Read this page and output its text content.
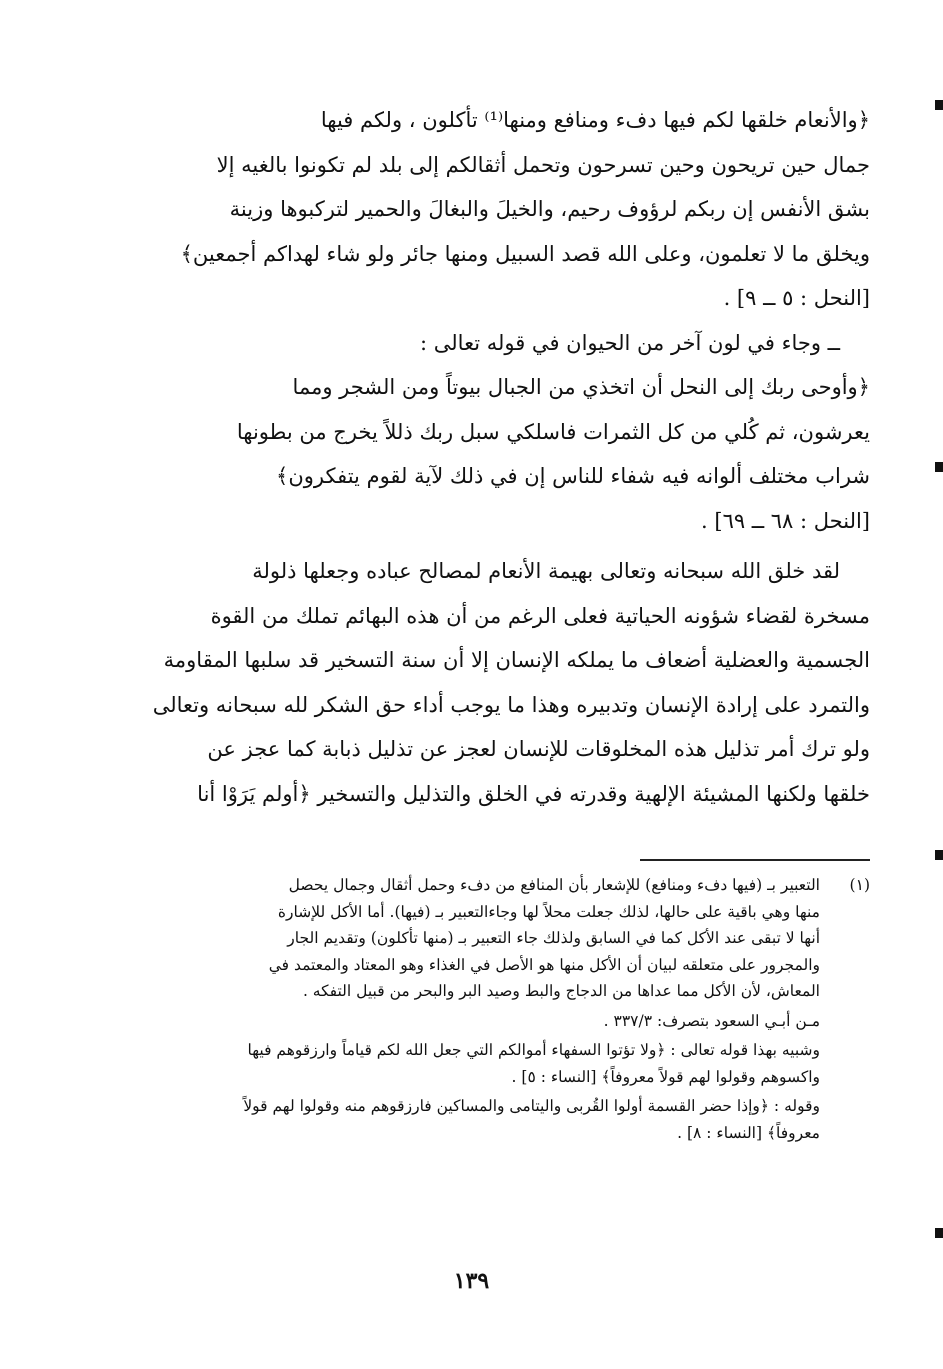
﴿والأنعام خلقها لكم فيها دفء ومنافع ومنها⁽¹⁾ تأكلون ، ولكم فيها
جمال حين تريحون وحين تسرحون وتحمل أثقالكم إلى بلد لم تكونوا بالغيه إلا
بشق الأنفس إن ربكم لرؤوف رحيم، والخيلَ والبغالَ والحمير لتركبوها وزينة
ويخلق ما لا تعلمون، وعلى الله قصد السبيل ومنها جائر ولو شاء لهداكم أجمعين﴾
[النحل : ٥ ــ ٩] .
ــ وجاء في لون آخر من الحيوان في قوله تعالى :
﴿وأوحى ربك إلى النحل أن اتخذي من الجبال بيوتاً ومن الشجر ومما
يعرشون، ثم كُلي من كل الثمرات فاسلكي سبل ربك ذللاً يخرج من بطونها
شراب مختلف ألوانه فيه شفاء للناس إن في ذلك لآية لقوم يتفكرون﴾
[النحل : ٦٨ ــ ٦٩] .
لقد خلق الله سبحانه وتعالى بهيمة الأنعام لمصالح عباده وجعلها ذلولة
مسخرة لقضاء شؤونه الحياتية فعلى الرغم من أن هذه البهائم تملك من القوة
الجسمية والعضلية أضعاف ما يملكه الإنسان إلا أن سنة التسخير قد سلبها المقاومة
والتمرد على إرادة الإنسان وتدبيره وهذا ما يوجب أداء حق الشكر لله سبحانه وتعالى
ولو ترك أمر تذليل هذه المخلوقات للإنسان لعجز عن تذليل ذبابة كما عجز عن
خلقها ولكنها المشيئة الإلهية وقدرته في الخلق والتذليل والتسخير ﴿أولم يَرَوْا أنا
(١)التعبير بـ (فيها دفء ومنافع) للإشعار بأن المنافع من دفء وحمل أثقال وجمال يحصل
منها وهي باقية على حالها، لذلك جعلت محلاً لها وجاءالتعبير بـ (فيها). أما الأكل للإشارة
أنها لا تبقى عند الأكل كما في السابق ولذلك جاء التعبير بـ (منها تأكلون) وتقديم الجار
والمجرور على متعلقه لبيان أن الأكل منها هو الأصل في الغذاء وهو المعتاد والمعتمد في
المعاش، لأن الأكل مما عداها من الدجاج والبط وصيد البر والبحر من قبيل التفكه .
مـن أبـي السعود بتصرف: ٣٣٧/٣ .
وشبيه بهذا قوله تعالى : ﴿ولا تؤتوا السفهاء أموالكم التي جعل الله لكم قياماً وارزقوهم فيها
واكسوهم وقولوا لهم قولاً معروفاً﴾ [النساء : ٥] .
وقوله : ﴿وإذا حضر القسمة أولوا القُربى واليتامى والمساكين فارزقوهم منه وقولوا لهم قولاً
معروفاً﴾ [النساء : ٨] .
١٣٩
